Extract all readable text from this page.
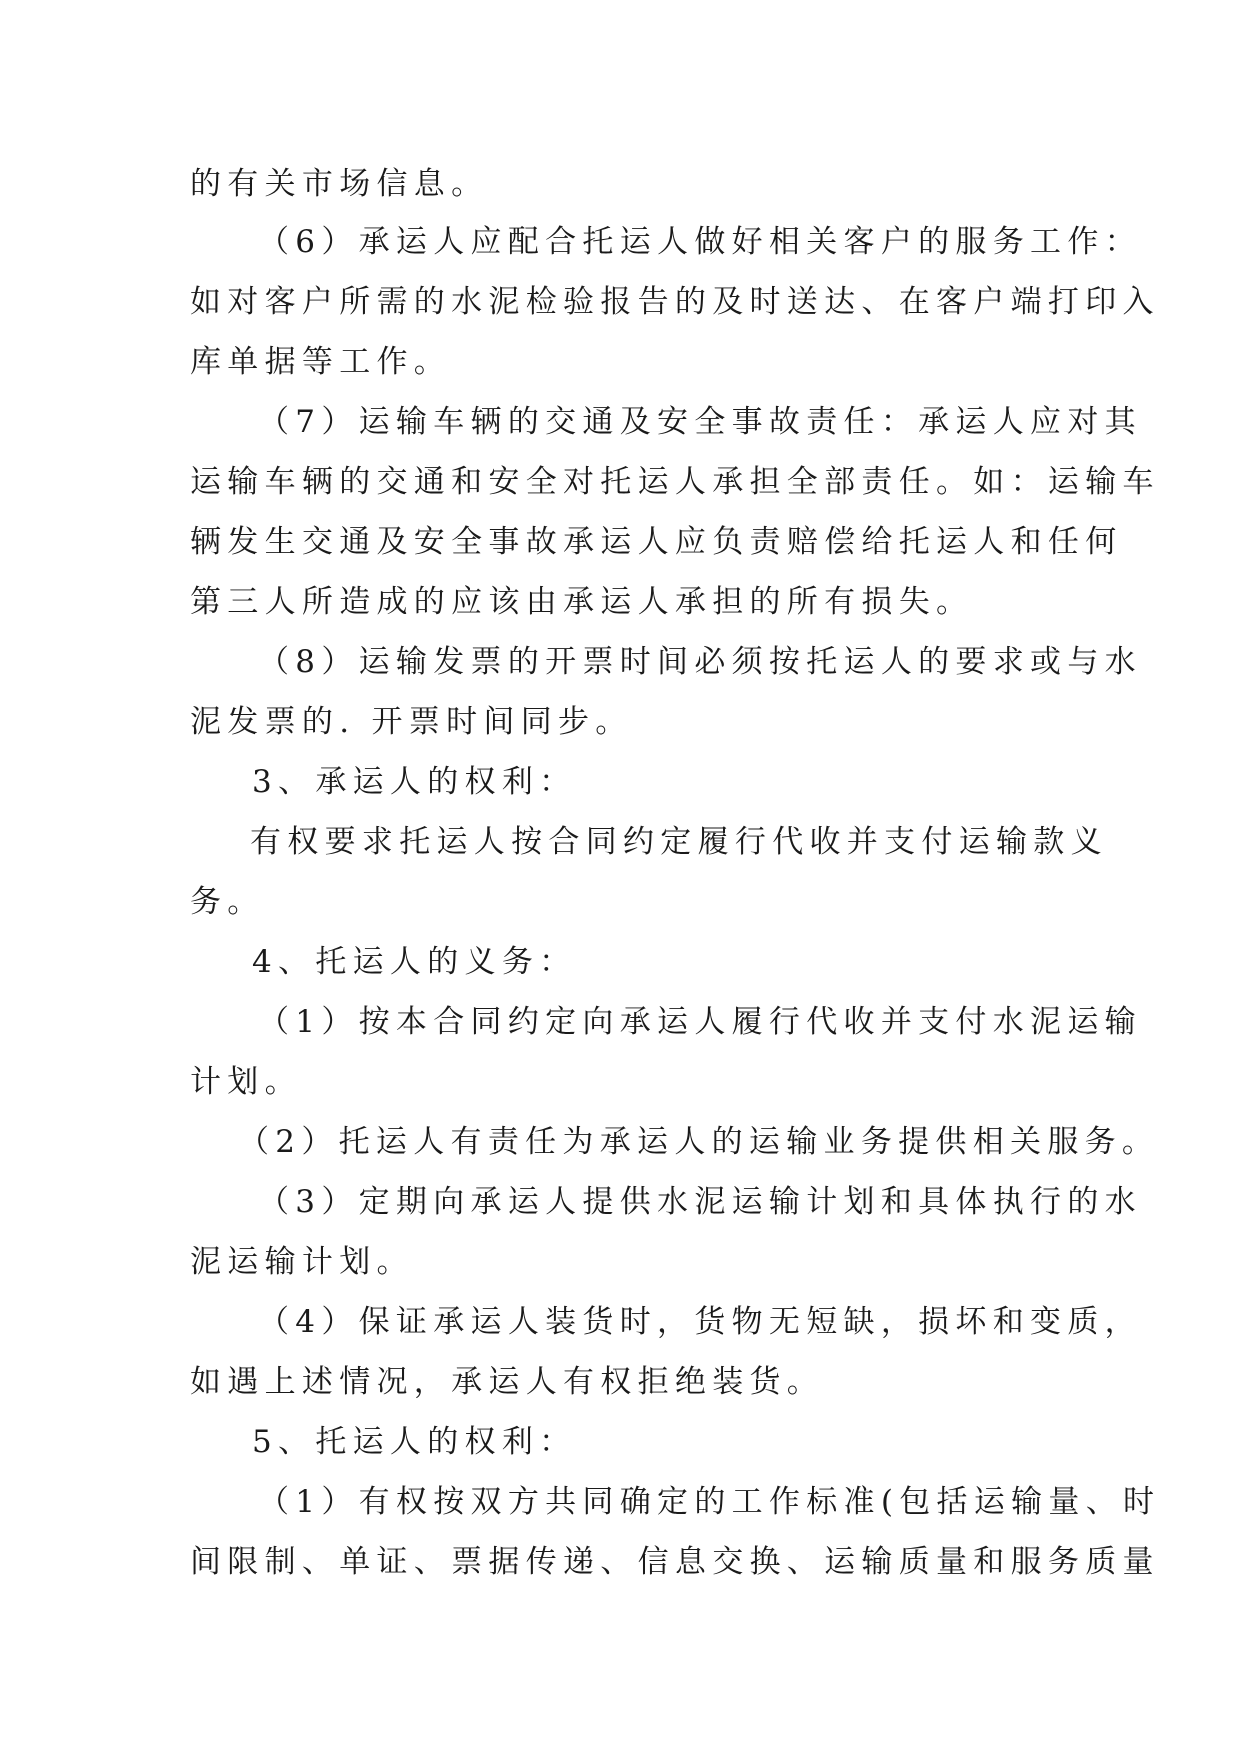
的有关市场信息。
（6）承运人应配合托运人做好相关客户的服务工作：
如对客户所需的水泥检验报告的及时送达、在客户端打印入
库单据等工作。
（7）运输车辆的交通及安全事故责任：承运人应对其
运输车辆的交通和安全对托运人承担全部责任。如：运输车
辆发生交通及安全事故承运人应负责赔偿给托运人和任何
第三人所造成的应该由承运人承担的所有损失。
（8）运输发票的开票时间必须按托运人的要求或与水
泥发票的. 开票时间同步。
3、承运人的权利：
有权要求托运人按合同约定履行代收并支付运输款义
务。
4、托运人的义务：
（1）按本合同约定向承运人履行代收并支付水泥运输
计划。
（2）托运人有责任为承运人的运输业务提供相关服务。
（3）定期向承运人提供水泥运输计划和具体执行的水
泥运输计划。
（4）保证承运人装货时，货物无短缺，损坏和变质，
如遇上述情况，承运人有权拒绝装货。
5、托运人的权利：
（1）有权按双方共同确定的工作标准(包括运输量、时
间限制、单证、票据传递、信息交换、运输质量和服务质量
